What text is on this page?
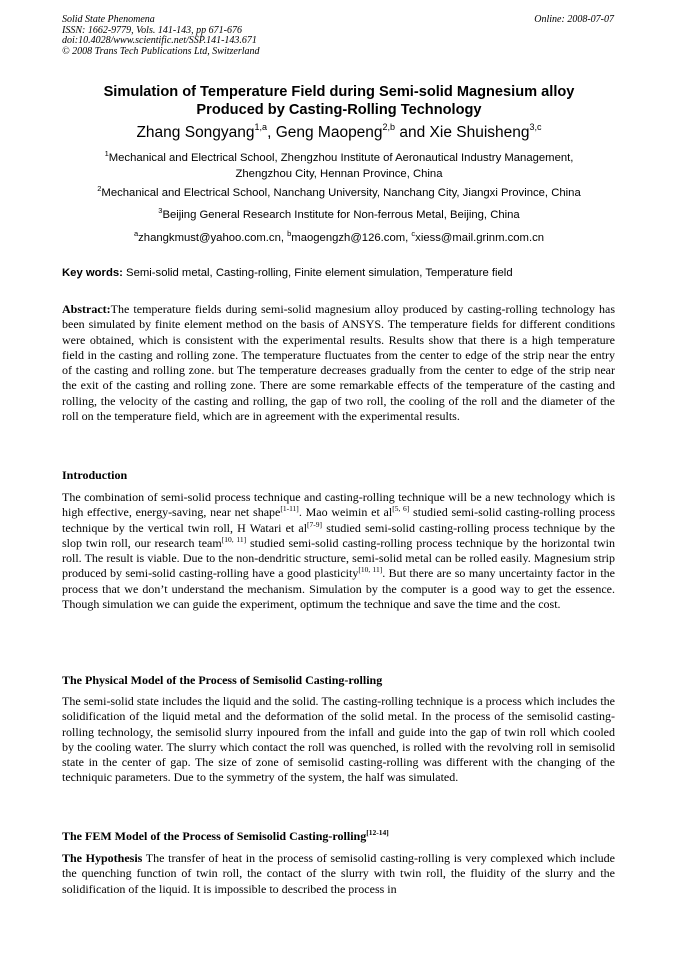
Solid State Phenomena
ISSN: 1662-9779, Vols. 141-143, pp 671-676
doi:10.4028/www.scientific.net/SSP.141-143.671
© 2008 Trans Tech Publications Ltd, Switzerland
Online: 2008-07-07
Simulation of Temperature Field during Semi-solid Magnesium alloy
Produced by Casting-Rolling Technology
Zhang Songyang$^{1,a}$, Geng Maopeng$^{2,b}$ and Xie Shuisheng$^{3,c}$
$^1$Mechanical and Electrical School, Zhengzhou Institute of Aeronautical Industry Management,
Zhengzhou City, Hennan Province, China
$^2$Mechanical and Electrical School, Nanchang University, Nanchang City, Jiangxi Province, China
$^3$Beijing General Research Institute for Non-ferrous Metal, Beijing, China
$^a$zhangkmust@yahoo.com.cn, $^b$maogengzh@126.com, $^c$xiess@mail.grinm.com.cn
Key words: Semi-solid metal, Casting-rolling, Finite element simulation, Temperature field
Abstract:The temperature fields during semi-solid magnesium alloy produced by casting-rolling technology has been simulated by finite element method on the basis of ANSYS. The temperature fields for different conditions were obtained, which is consistent with the experimental results. Results show that there is a high temperature field in the casting and rolling zone. The temperature fluctuates from the center to edge of the strip near the entry of the casting and rolling zone. but The temperature decreases gradually from the center to edge of the strip near the exit of the casting and rolling zone. There are some remarkable effects of the temperature of the casting and rolling, the velocity of the casting and rolling, the gap of two roll, the cooling of the roll and the diameter of the roll on the temperature field, which are in agreement with the experimental results.
Introduction
The combination of semi-solid process technique and casting-rolling technique will be a new technology which is high effective, energy-saving, near net shape[1-11]. Mao weimin et al[5, 6] studied semi-solid casting-rolling process technique by the vertical twin roll, H Watari et al[7-9] studied semi-solid casting-rolling process technique by the slop twin roll, our research team[10, 11] studied semi-solid casting-rolling process technique by the horizontal twin roll. The result is viable. Due to the non-dendritic structure, semi-solid metal can be rolled easily. Magnesium strip produced by semi-solid casting-rolling have a good plasticity[10, 11]. But there are so many uncertainty factor in the process that we don’t understand the mechanism. Simulation by the computer is a good way to get the essence. Though simulation we can guide the experiment, optimum the technique and save the time and the cost.
The Physical Model of the Process of Semisolid Casting-rolling
The semi-solid state includes the liquid and the solid. The casting-rolling technique is a process which includes the solidification of the liquid metal and the deformation of the solid metal. In the process of the semisolid casting-rolling technology, the semisolid slurry inpoured from the infall and guide into the gap of twin roll which cooled by the cooling water. The slurry which contact the roll was quenched, is rolled with the revolving roll in semisolid state in the center of gap. The size of zone of semisolid casting-rolling was different with the changing of the techniquic parameters. Due to the symmetry of the system, the half was simulated.
The FEM Model of the Process of Semisolid Casting-rolling[12-14]
The Hypothesis The transfer of heat in the process of semisolid casting-rolling is very complexed which include the quenching function of twin roll, the contact of the slurry with twin roll, the fluidity of the slurry and the solidification of the liquid. It is impossible to described the process in
